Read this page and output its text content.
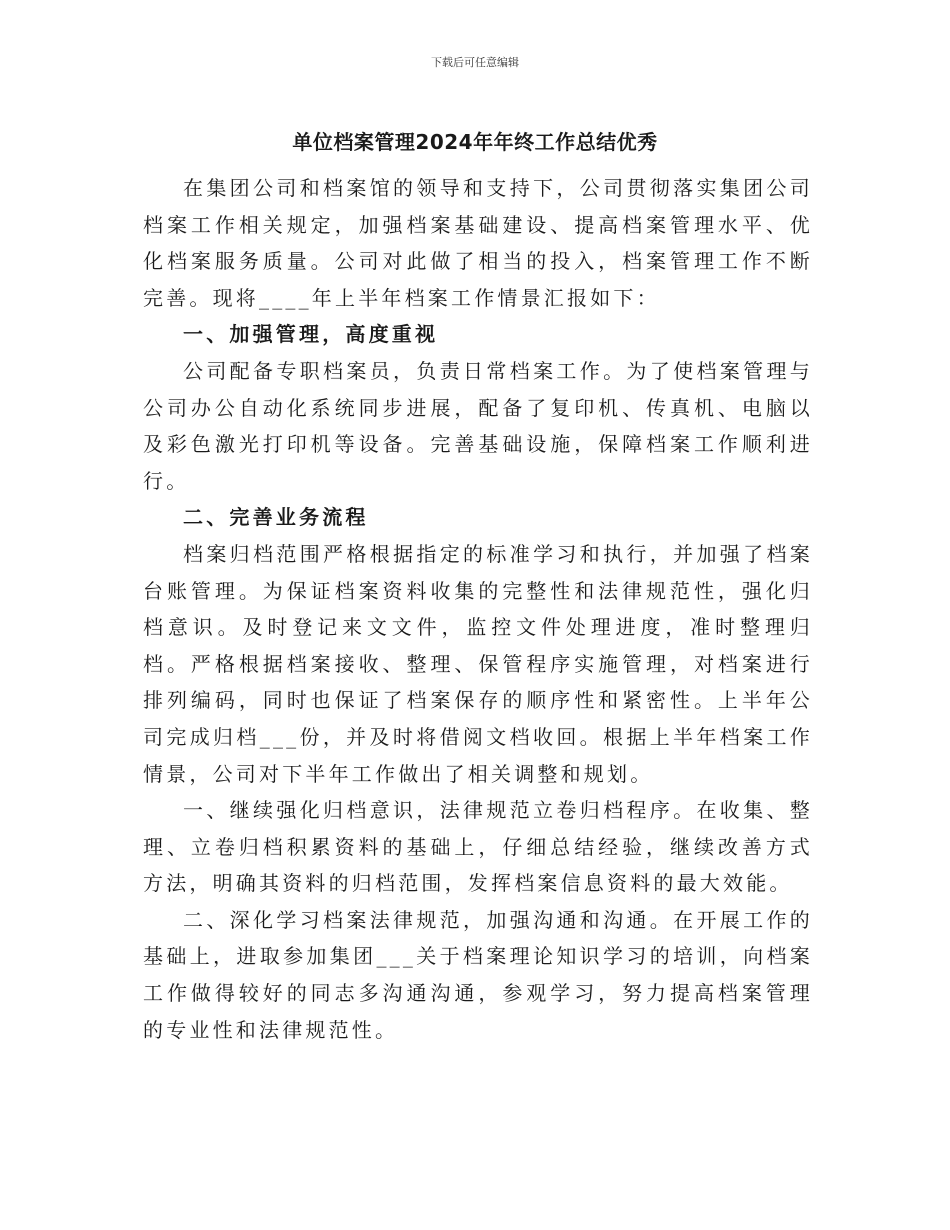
下载后可任意编辑
单位档案管理2024年年终工作总结优秀

在集团公司和档案馆的领导和支持下，公司贯彻落实集团公司档案工作相关规定，加强档案基础建设、提高档案管理水平、优化档案服务质量。公司对此做了相当的投入，档案管理工作不断完善。现将____年上半年档案工作情景汇报如下：

一、加强管理，高度重视

公司配备专职档案员，负责日常档案工作。为了使档案管理与公司办公自动化系统同步进展，配备了复印机、传真机、电脑以及彩色激光打印机等设备。完善基础设施，保障档案工作顺利进行。

二、完善业务流程

档案归档范围严格根据指定的标准学习和执行，并加强了档案台账管理。为保证档案资料收集的完整性和法律规范性，强化归档意识。及时登记来文文件，监控文件处理进度，准时整理归档。严格根据档案接收、整理、保管程序实施管理，对档案进行排列编码，同时也保证了档案保存的顺序性和紧密性。上半年公司完成归档___份，并及时将借阅文档收回。根据上半年档案工作情景，公司对下半年工作做出了相关调整和规划。

一、继续强化归档意识，法律规范立卷归档程序。在收集、整理、立卷归档积累资料的基础上，仔细总结经验，继续改善方式方法，明确其资料的归档范围，发挥档案信息资料的最大效能。

二、深化学习档案法律规范，加强沟通和沟通。在开展工作的基础上，进取参加集团___关于档案理论知识学习的培训，向档案工作做得较好的同志多沟通沟通，参观学习，努力提高档案管理的专业性和法律规范性。
